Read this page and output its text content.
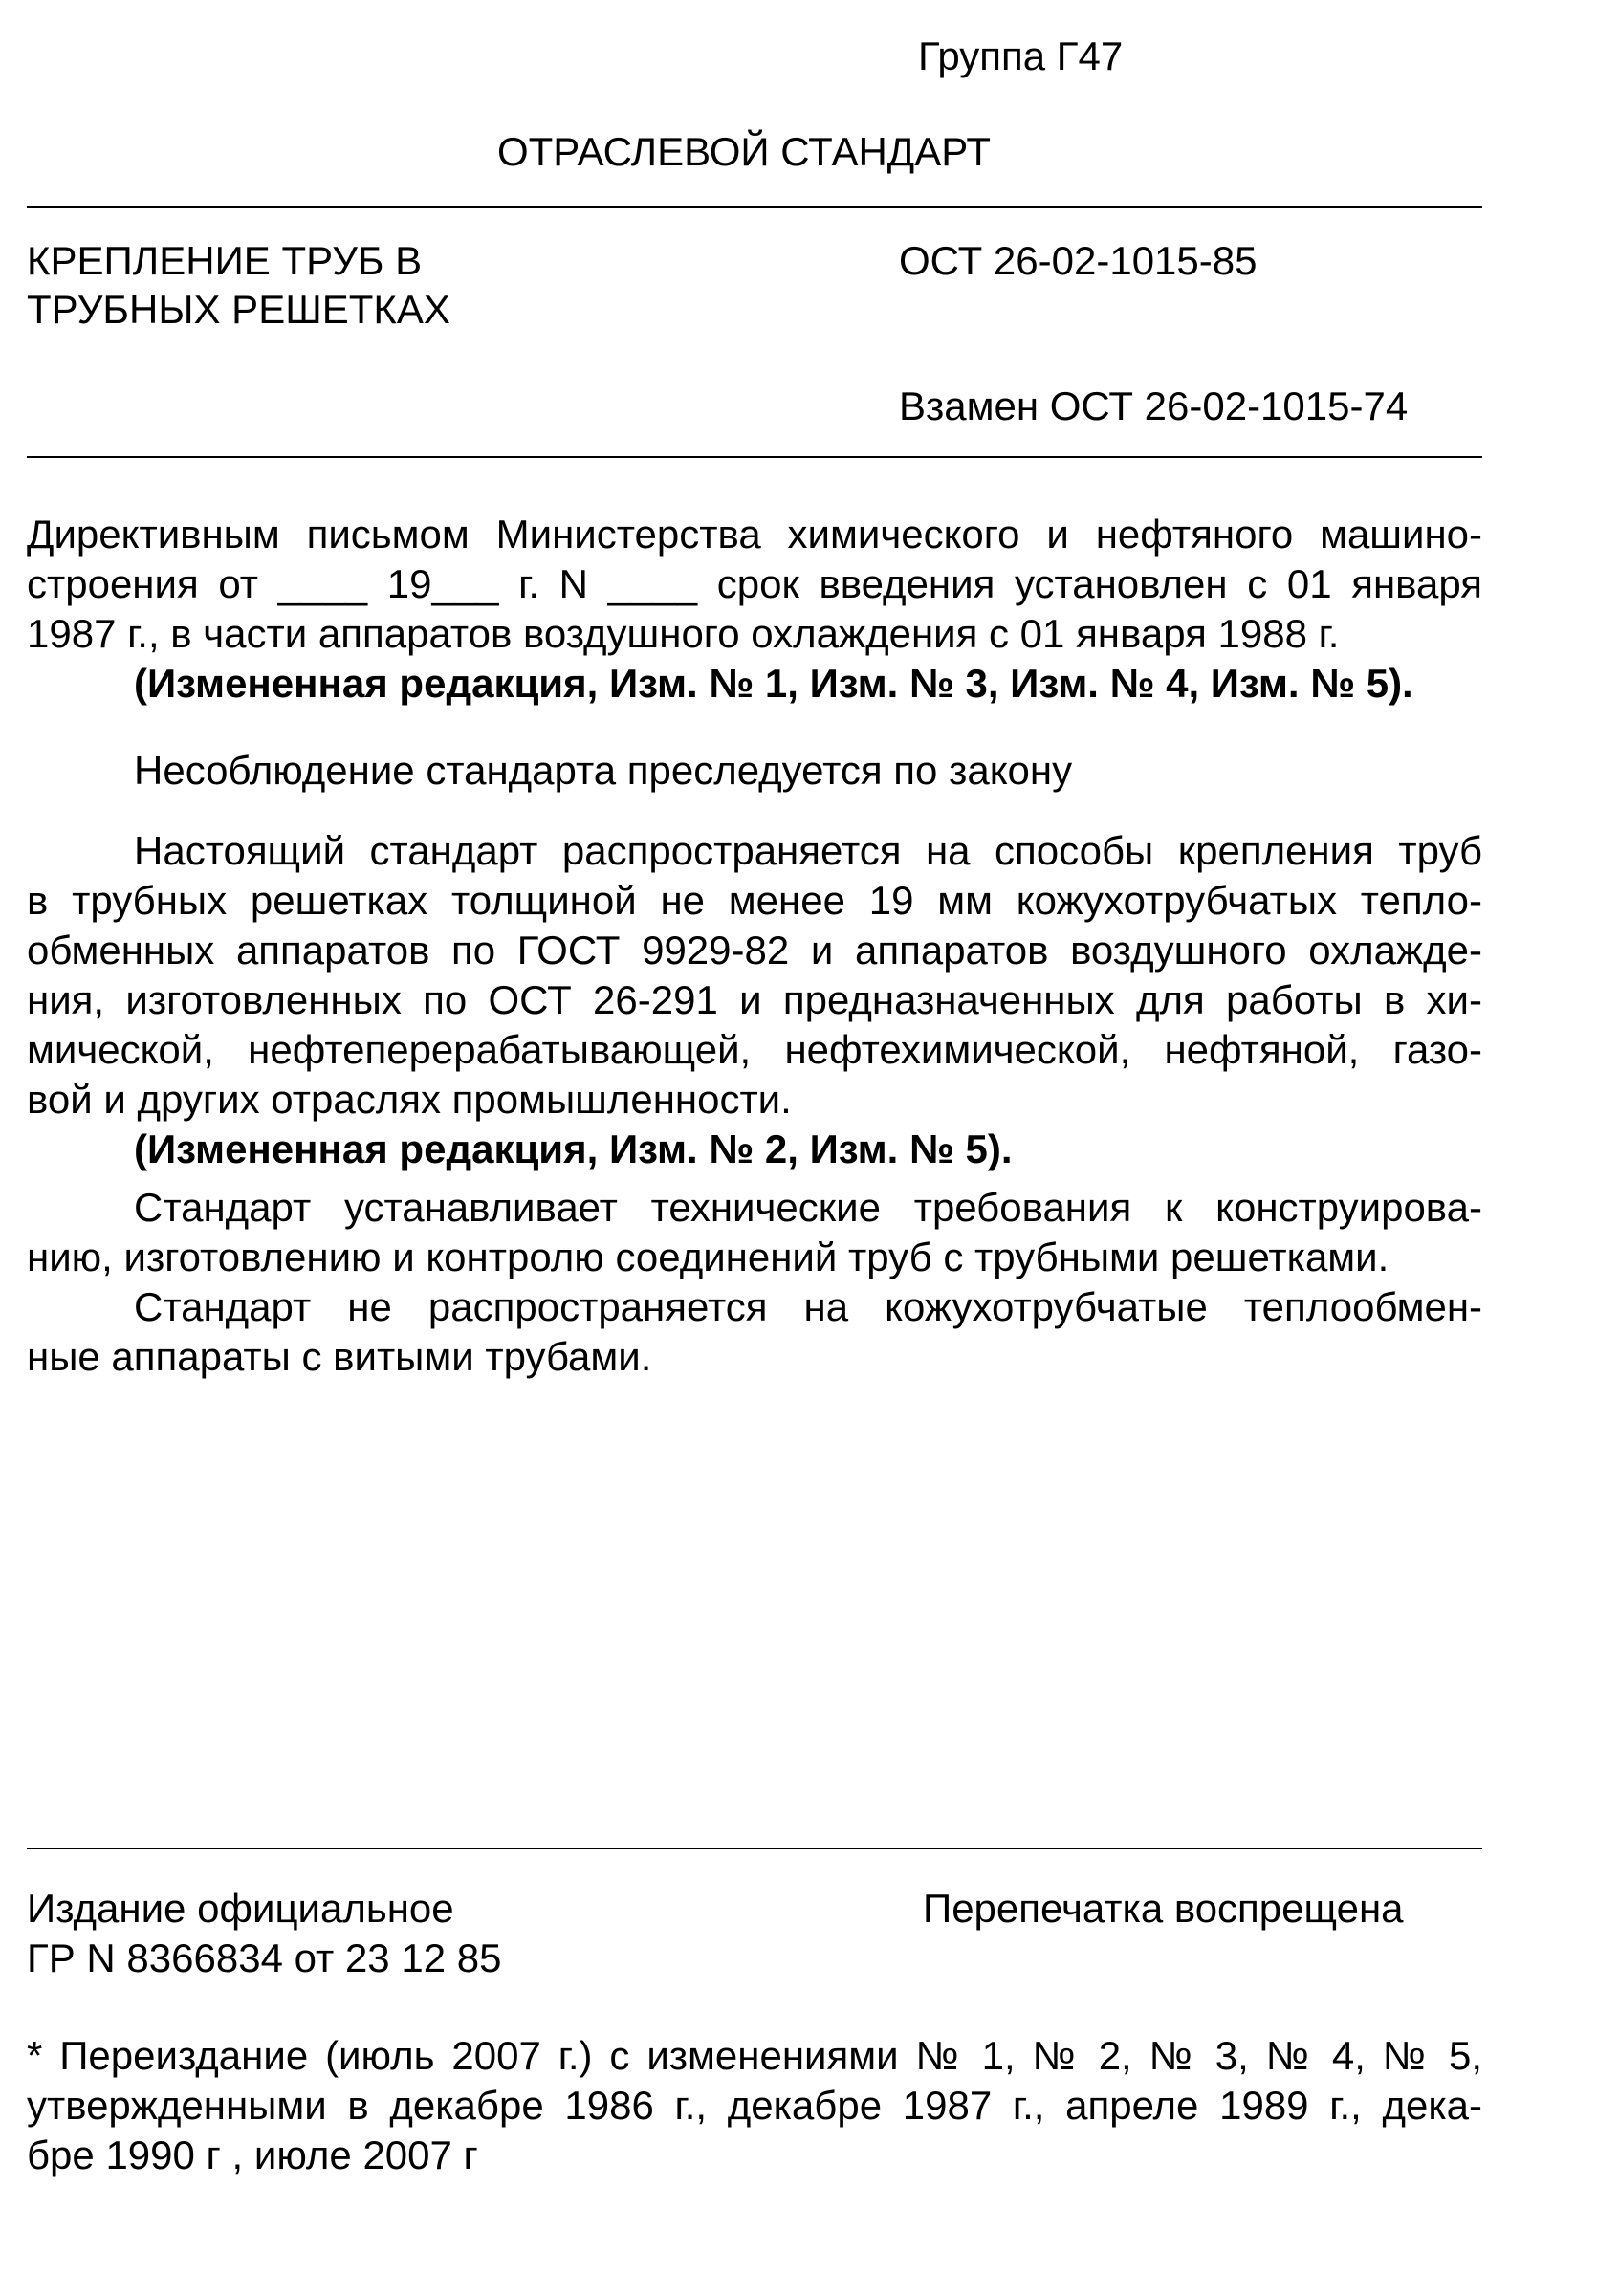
Группа Г47
ОТРАСЛЕВОЙ СТАНДАРТ
КРЕПЛЕНИЕ ТРУБ В
ТРУБНЫХ РЕШЕТКАХ
ОСТ 26-02-1015-85
Взамен ОСТ 26-02-1015-74
Директивным письмом Министерства химического и нефтяного машино-
строения от ____ 19___ г. N ____ срок введения установлен с 01 января
1987 г., в части аппаратов воздушного охлаждения с 01 января 1988 г.
(Измененная редакция, Изм. № 1, Изм. № 3, Изм. № 4, Изм. № 5).
Несоблюдение стандарта преследуется по закону
Настоящий стандарт распространяется на способы крепления труб
в трубных решетках толщиной не менее 19 мм кожухотрубчатых тепло-
обменных аппаратов по ГОСТ 9929-82 и аппаратов воздушного охлажде-
ния, изготовленных по ОСТ 26-291 и предназначенных для работы в хи-
мической, нефтеперерабатывающей, нефтехимической, нефтяной, газо-
вой и других отраслях промышленности.
(Измененная редакция, Изм. № 2, Изм. № 5).
Стандарт устанавливает технические требования к конструирова-
нию, изготовлению и контролю соединений труб с трубными решетками.
Стандарт не распространяется на кожухотрубчатые теплообмен-
ные аппараты с витыми трубами.
Издание официальное
ГР N 8366834 от 23 12 85
Перепечатка воспрещена
* Переиздание (июль 2007 г.) с изменениями № 1, № 2, № 3, № 4, № 5,
утвержденными в декабре 1986 г., декабре 1987 г., апреле 1989 г., дека-
бре 1990 г , июле 2007 г
